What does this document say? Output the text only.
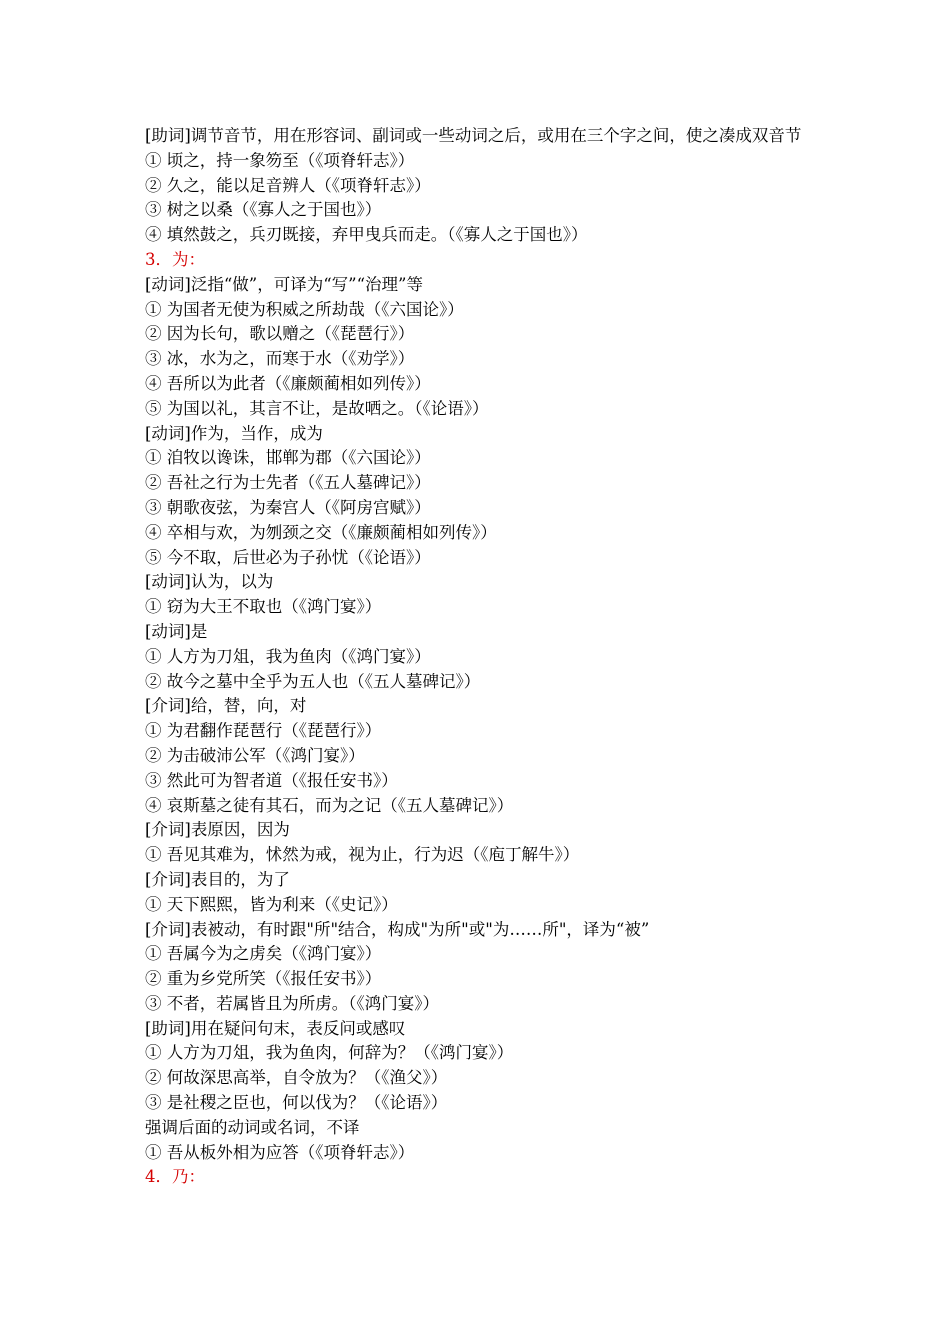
[助词]调节音节，用在形容词、副词或一些动词之后，或用在三个字之间，使之凑成双音节
① 顷之，持一象笏至（《项脊轩志》）
② 久之，能以足音辨人（《项脊轩志》）
③ 树之以桑（《寡人之于国也》）
④ 填然鼓之，兵刃既接，弃甲曳兵而走。（《寡人之于国也》）
3．为：
[动词]泛指“做”，可译为“写”“治理”等
① 为国者无使为积威之所劫哉（《六国论》）
② 因为长句，歌以赠之（《琵琶行》）
③ 冰，水为之，而寒于水（《劝学》）
④ 吾所以为此者（《廉颇蔺相如列传》）
⑤ 为国以礼，其言不让，是故哂之。（《论语》）
[动词]作为，当作，成为
① 洎牧以谗诛，邯郸为郡（《六国论》）
② 吾社之行为士先者（《五人墓碑记》）
③ 朝歌夜弦，为秦宫人（《阿房宫赋》）
④ 卒相与欢，为刎颈之交（《廉颇蔺相如列传》）
⑤ 今不取，后世必为子孙忧（《论语》）
[动词]认为，以为
① 窃为大王不取也（《鸿门宴》）
[动词]是
① 人方为刀俎，我为鱼肉（《鸿门宴》）
② 故今之墓中全乎为五人也（《五人墓碑记》）
[介词]给，替，向，对
① 为君翻作琵琶行（《琵琶行》）
② 为击破沛公军（《鸿门宴》）
③ 然此可为智者道（《报任安书》）
④ 哀斯墓之徒有其石，而为之记（《五人墓碑记》）
[介词]表原因，因为
① 吾见其难为，怵然为戒，视为止，行为迟（《庖丁解牛》）
[介词]表目的，为了
① 天下熙熙，皆为利来（《史记》）
[介词]表被动，有时跟"所"结合，构成"为所"或"为……所"，译为“被”
① 吾属今为之虏矣（《鸿门宴》）
② 重为乡党所笑（《报任安书》）
③ 不者，若属皆且为所虏。（《鸿门宴》）
[助词]用在疑问句末，表反问或感叹
① 人方为刀俎，我为鱼肉，何辞为？（《鸿门宴》）
② 何故深思高举，自令放为？（《渔父》）
③ 是社稷之臣也，何以伐为？（《论语》）
强调后面的动词或名词，不译
① 吾从板外相为应答（《项脊轩志》）
4．乃：
